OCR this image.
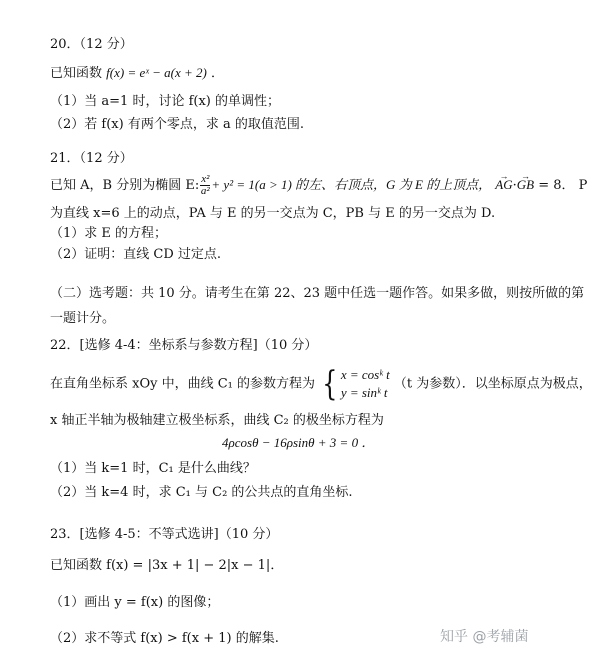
20．（12 分）
已知函数 f(x) = eˣ − a(x + 2) ．
（1）当 a=1 时，讨论 f(x) 的单调性；
（2）若 f(x) 有两个零点，求 a 的取值范围.
21．（12 分）
已知 A，B 分别为椭圆 E: $\frac{\text{x²}}{\text{a²}} + y^2 = 1(a > 1)$ 的左、右顶点，G 为 E 的上顶点， → AG·→ GB = 8． P
为直线 x=6 上的动点，PA 与 E 的另一交点为 C，PB 与 E 的另一交点为 D.
（1）求 E 的方程；
（2）证明：直线 CD 过定点.
（二）选考题：共 10 分。请考生在第 22、23 题中任选一题作答。如果多做，则按所做的第
一题计分。
22．[选修 4-4：坐标系与参数方程]（10 分）
在直角坐标系 xOy 中，曲线 C₁ 的参数方程为 { x = cosᵏ t
y = sinᵏ t
（t 为参数）．以坐标原点为极点，
x 轴正半轴为极轴建立极坐标系，曲线 C₂ 的极坐标方程为
4ρcosθ − 16ρsinθ + 3 = 0 ．
（1）当 k=1 时，C₁ 是什么曲线？
（2）当 k=4 时，求 C₁ 与 C₂ 的公共点的直角坐标.
23．[选修 4-5：不等式选讲]（10 分）
已知函数 f(x) = |3x + 1| − 2|x − 1|．
（1）画出 y = f(x) 的图像；
（2）求不等式 f(x) > f(x + 1) 的解集.	知乎 @考辅菌
